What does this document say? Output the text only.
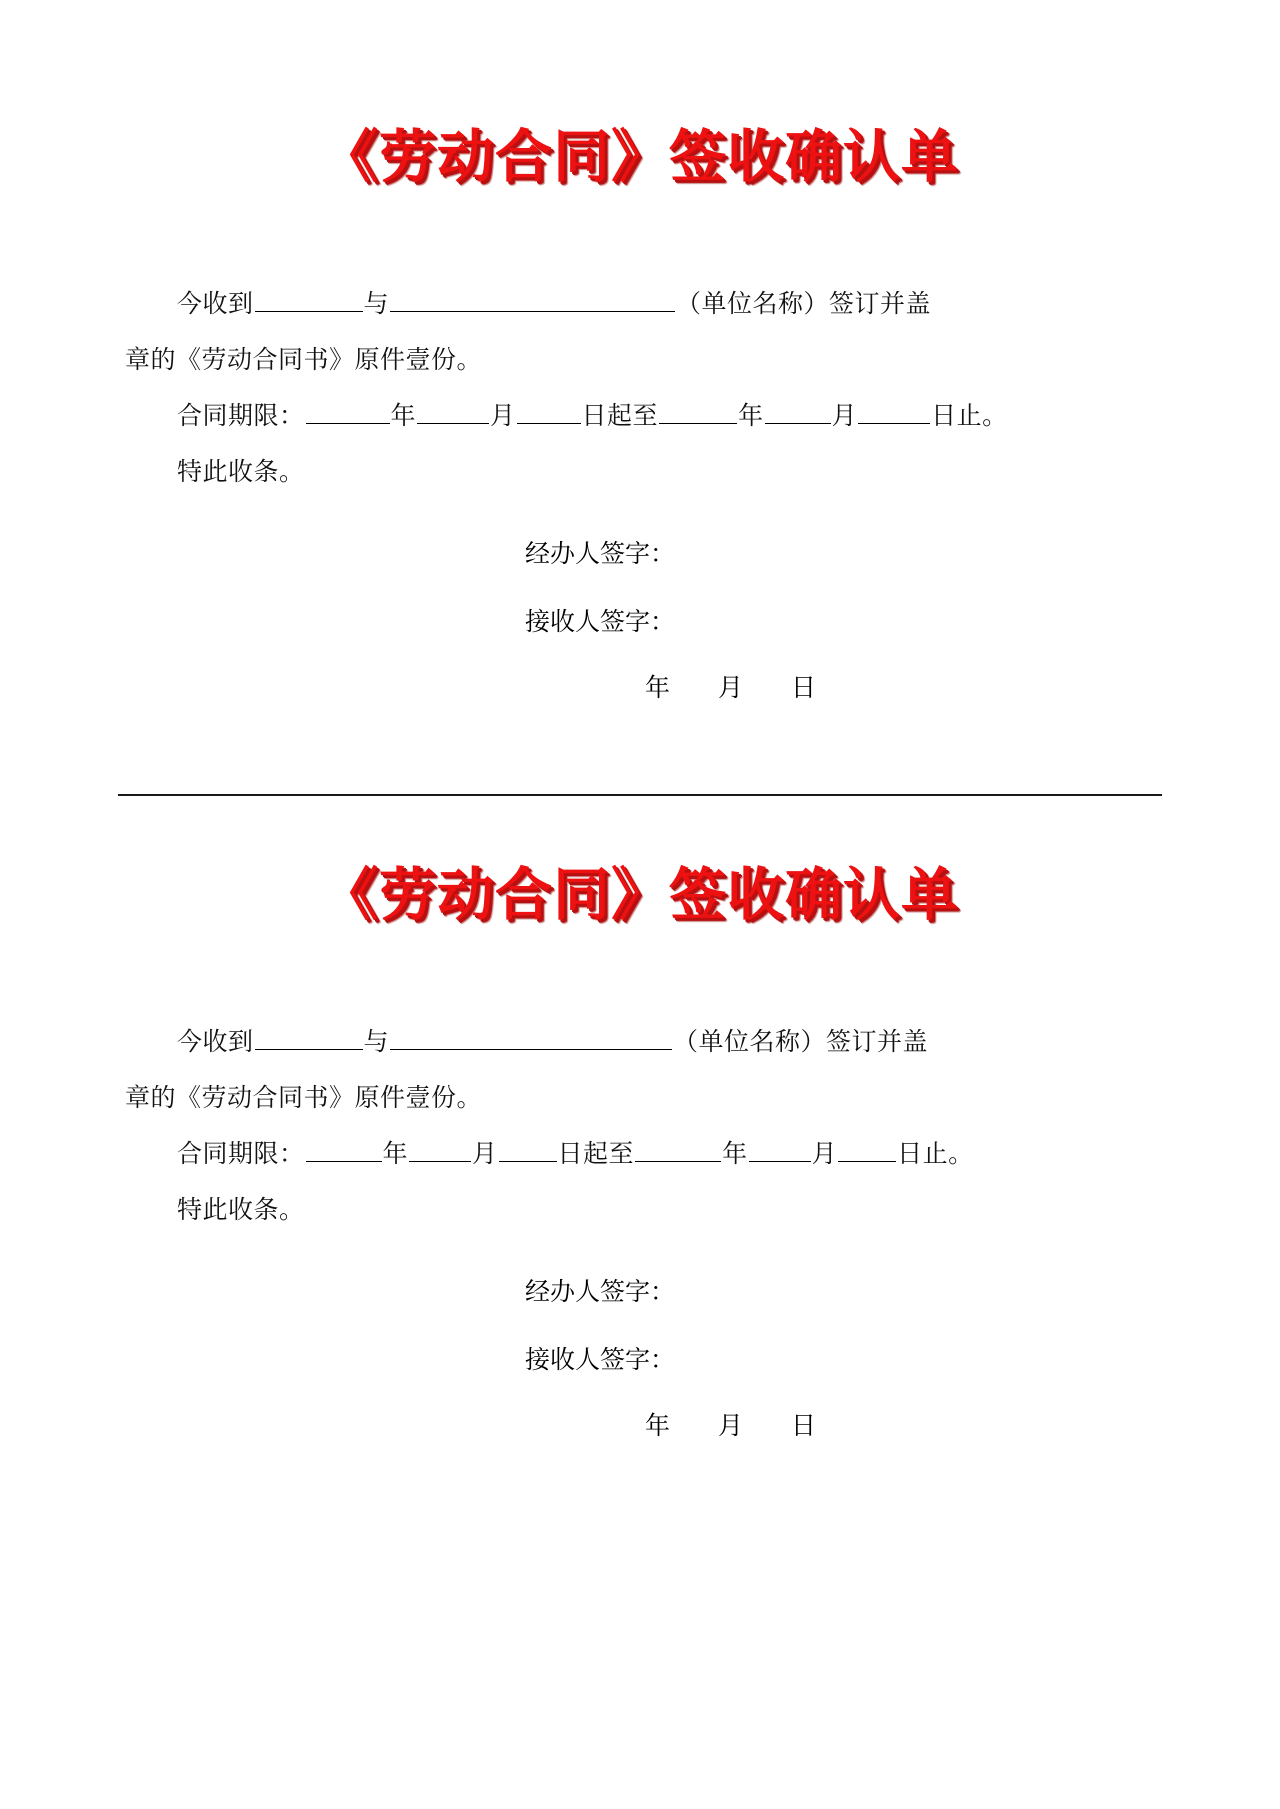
《劳动合同》签收确认单

今收到	与	（单位名称）签订并盖

章的《劳动合同书》原件壹份。

合同期限：	年	月	日起至	年	月	日止。

特此收条。

经办人签字：
接收人签字：
年 月 日
《劳动合同》签收确认单

今收到	与	（单位名称）签订并盖

章的《劳动合同书》原件壹份。

合同期限：	年	月 日起至	年	月 日止。

特此收条。

经办人签字：
接收人签字：
年 月 日
